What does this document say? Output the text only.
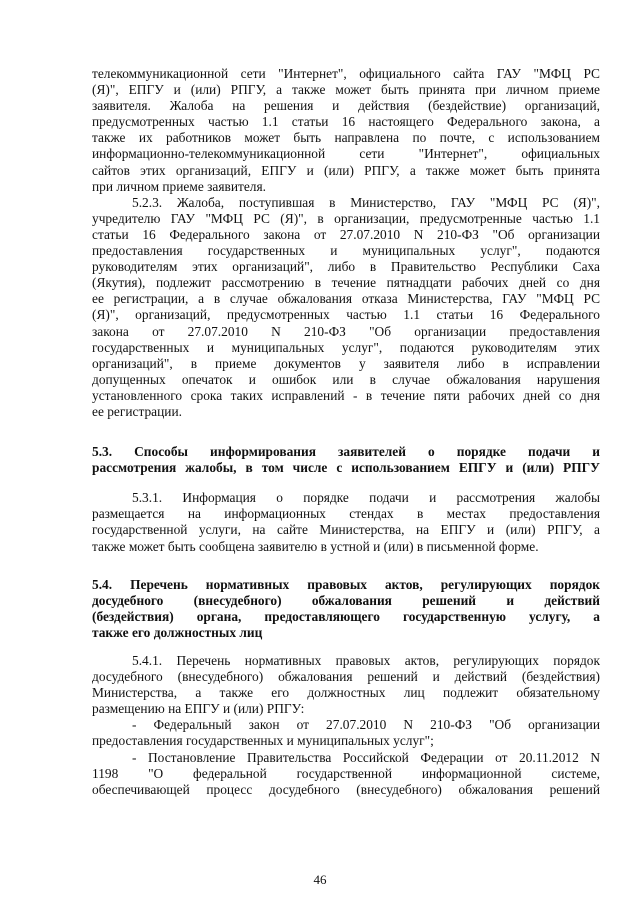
телекоммуникационной сети "Интернет", официального сайта ГАУ "МФЦ РС
(Я)", ЕПГУ и (или) РПГУ, а также может быть принята при личном приеме
заявителя. Жалоба на решения и действия (бездействие) организаций,
предусмотренных частью 1.1 статьи 16 настоящего Федерального закона, а
также их работников может быть направлена по почте, с использованием
информационно-телекоммуникационной сети "Интернет", официальных
сайтов этих организаций, ЕПГУ и (или) РПГУ, а также может быть принята
при личном приеме заявителя.
5.2.3. Жалоба, поступившая в Министерство, ГАУ "МФЦ РС (Я)",
учредителю ГАУ "МФЦ РС (Я)", в организации, предусмотренные частью 1.1
статьи 16 Федерального закона от 27.07.2010 N 210-ФЗ "Об организации
предоставления государственных и муниципальных услуг", подаются
руководителям этих организаций", либо в Правительство Республики Саха
(Якутия), подлежит рассмотрению в течение пятнадцати рабочих дней со дня
ее регистрации, а в случае обжалования отказа Министерства, ГАУ "МФЦ РС
(Я)", организаций, предусмотренных частью 1.1 статьи 16 Федерального
закона от 27.07.2010 N 210-ФЗ "Об организации предоставления
государственных и муниципальных услуг", подаются руководителям этих
организаций", в приеме документов у заявителя либо в исправлении
допущенных опечаток и ошибок или в случае обжалования нарушения
установленного срока таких исправлений - в течение пяти рабочих дней со дня
ее регистрации.
5.3. Способы информирования заявителей о порядке подачи и
рассмотрения жалобы, в том числе с использованием ЕПГУ и (или) РПГУ
5.3.1. Информация о порядке подачи и рассмотрения жалобы
размещается на информационных стендах в местах предоставления
государственной услуги, на сайте Министерства, на ЕПГУ и (или) РПГУ, а
также может быть сообщена заявителю в устной и (или) в письменной форме.
5.4. Перечень нормативных правовых актов, регулирующих порядок
досудебного (внесудебного) обжалования решений и действий
(бездействия) органа, предоставляющего государственную услугу, а
также его должностных лиц
5.4.1. Перечень нормативных правовых актов, регулирующих порядок
досудебного (внесудебного) обжалования решений и действий (бездействия)
Министерства, а также его должностных лиц подлежит обязательному
размещению на ЕПГУ и (или) РПГУ:
- Федеральный закон от 27.07.2010 N 210-ФЗ "Об организации
предоставления государственных и муниципальных услуг";
- Постановление Правительства Российской Федерации от 20.11.2012 N
1198 "О федеральной государственной информационной системе,
обеспечивающей процесс досудебного (внесудебного) обжалования решений
46
